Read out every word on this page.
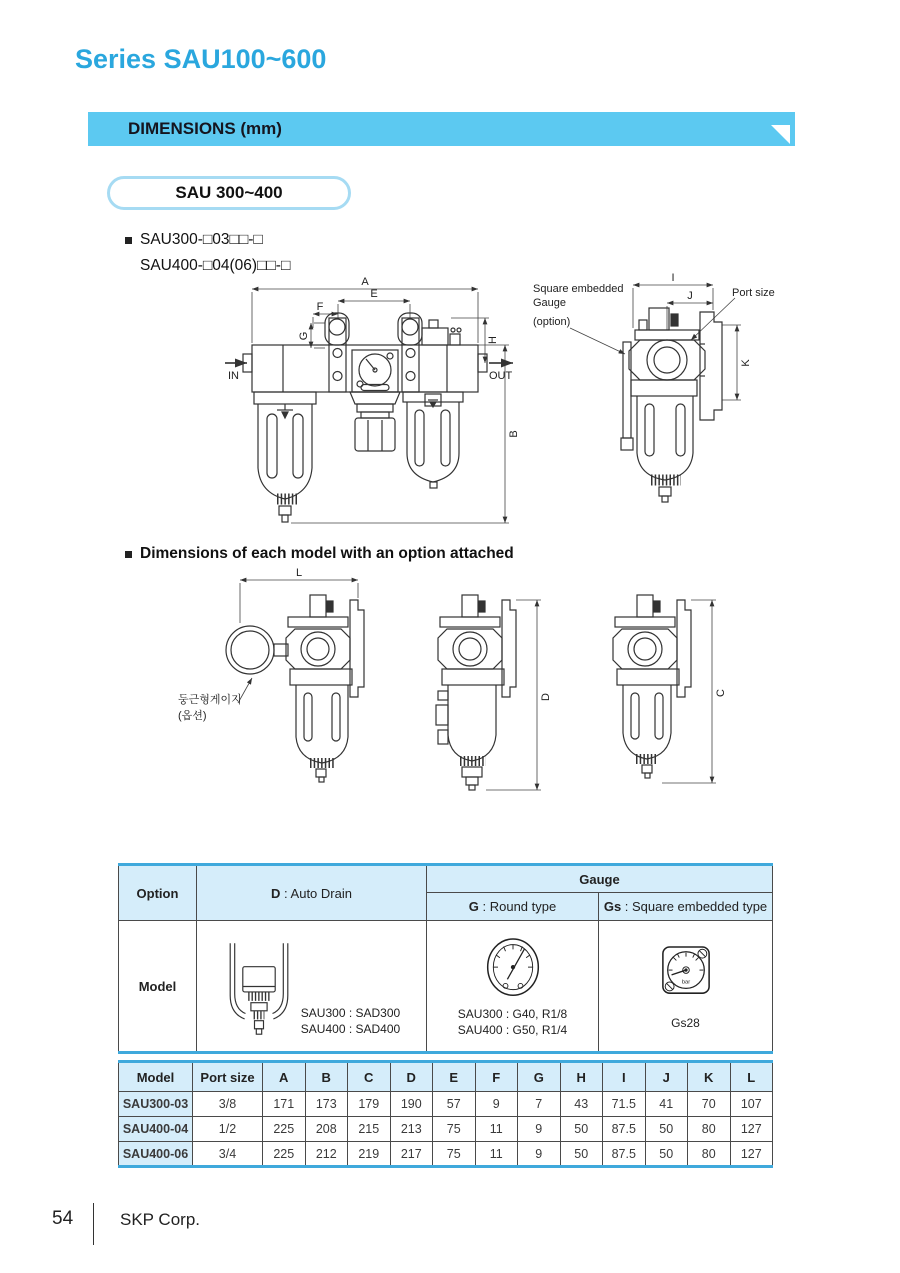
Series SAU100~600
DIMENSIONS (mm)
SAU 300~400
SAU300-□03□□-□
SAU400-□04(06)□□-□
A
E
F
G	H
B
IN	OUT
I
J
K
Square embedded
Gauge
(option)
Port size
Dimensions of each model with an option attached
L
둥근형게이지
(옵션)
D
C
Option	D : Auto Drain	Gauge	
		G : Round type	Gs : Square embedded type
Model	
SAU300 : SAD300
SAU400 : SAD400

SAU300 : G40, R1/8
SAU400 : G50, R1/4

bar
Gs28
Model	Port size	A	B	C	D	E	F	G	H	I	J	K	L
SAU300-03	3/8	171	173	179	190	57	9	7	43	71.5	41	70	107
SAU400-04	1/2	225	208	215	213	75	11	9	50	87.5	50	80	127
SAU400-06	3/4	225	212	219	217	75	11	9	50	87.5	50	80	127
54	SKP Corp.
